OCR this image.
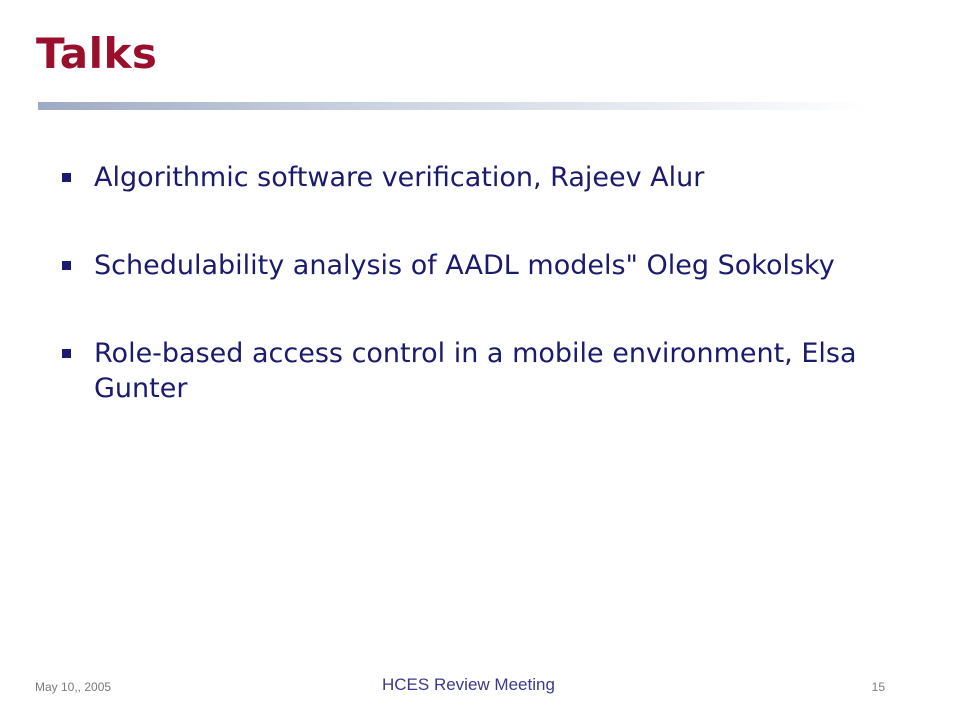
Talks
Algorithmic software verification, Rajeev Alur
Schedulability analysis of AADL models" Oleg Sokolsky
Role-based access control in a mobile environment, Elsa Gunter
May 10,, 2005	HCES Review Meeting	15
